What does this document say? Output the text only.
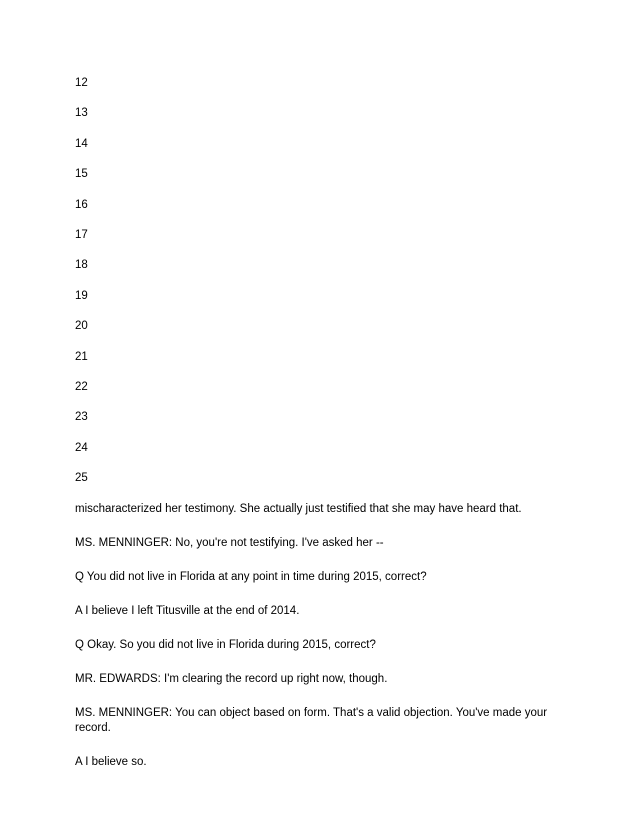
12
13
14
15
16
17
18
19
20
21
22
23
24
25

mischaracterized her testimony. She actually just testified that she may have heard that.

MS. MENNINGER: No, you're not testifying. I've asked her --

Q You did not live in Florida at any point in time during 2015, correct?

A I believe I left Titusville at the end of 2014.

Q Okay. So you did not live in Florida during 2015, correct?

MR. EDWARDS: I'm clearing the record up right now, though.

MS. MENNINGER: You can object based on form. That's a valid objection. You've made your record.

A I believe so.
